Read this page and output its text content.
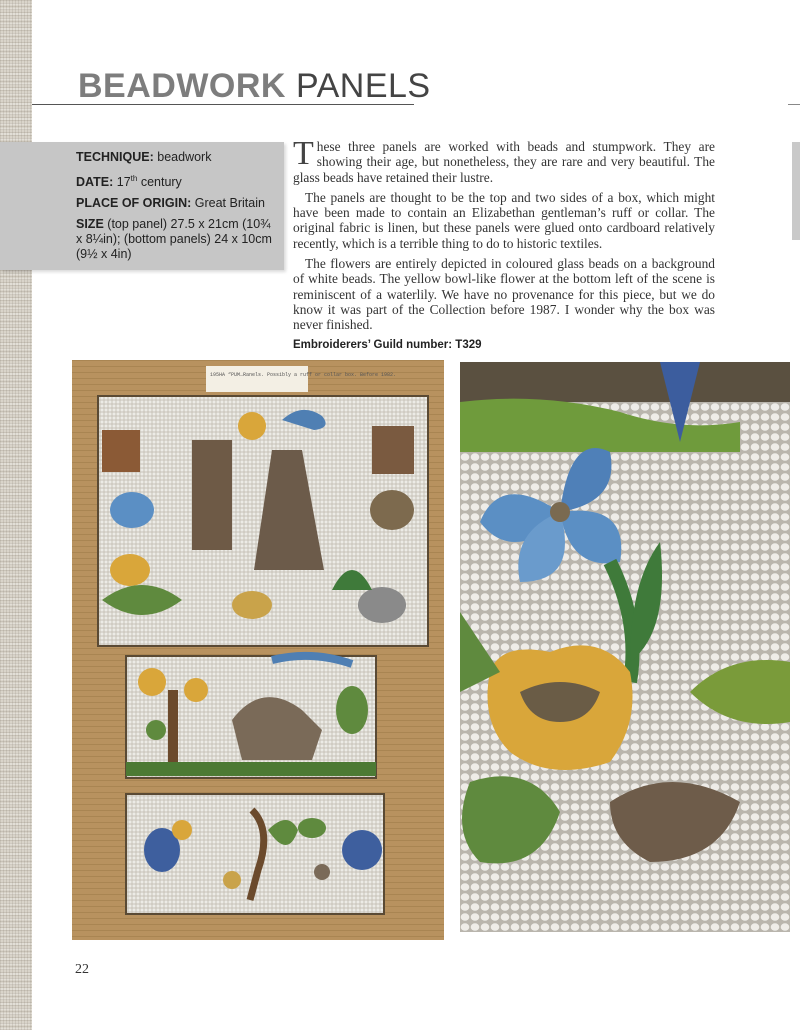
BEADWORK PANELS

TECHNIQUE: beadwork

DATE: 17th century

PLACE OF ORIGIN: Great Britain

SIZE (top panel) 27.5 x 21cm (10¾ x 8¼in); (bottom panels) 24 x 10cm (9½ x 4in)

These three panels are worked with beads and stumpwork. They are showing their age, but nonetheless, they are rare and very beautiful. The glass beads have retained their lustre.

The panels are thought to be the top and two sides of a box, which might have been made to contain an Elizabethan gentleman’s ruff or collar. The original fabric is linen, but these panels were glued onto cardboard relatively recently, which is a terrible thing to do to historic textiles.

The flowers are entirely depicted in coloured glass beads on a background of white beads. The yellow bowl-like flower at the bottom left of the scene is reminiscent of a waterlily. We have no provenance for this piece, but we do know it was part of the Collection before 1987. I wonder why the box was never finished.

Embroiderers’ Guild number: T329
195HA “PUM…Ranels. Possibly a ruff or collar box. Before 1982.
22
